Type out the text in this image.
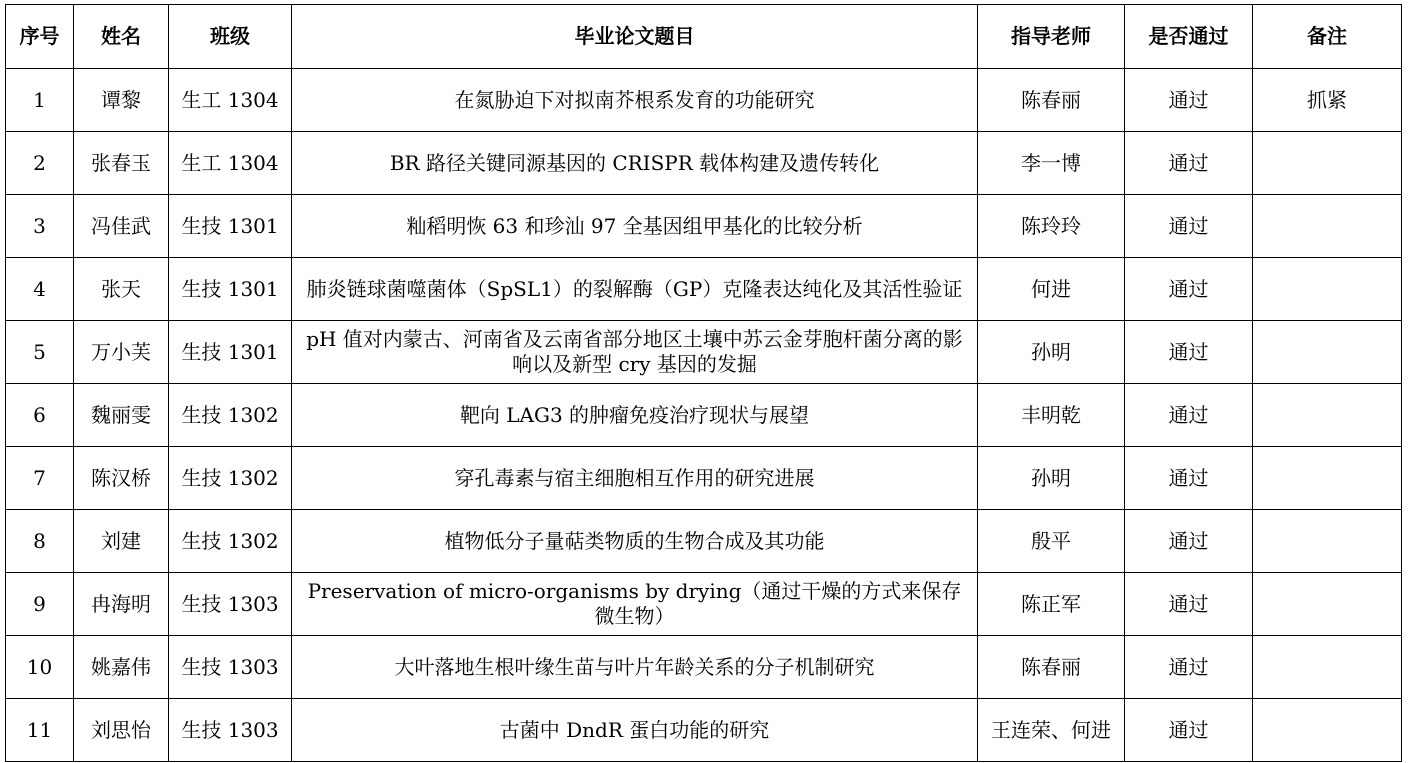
序号	姓名	班级	毕业论文题目	指导老师	是否通过	备注
1	谭黎	生工 1304	在氮胁迫下对拟南芥根系发育的功能研究	陈春丽	通过	抓紧
2	张春玉	生工 1304	BR 路径关键同源基因的 CRISPR 载体构建及遗传转化	李一博	通过	
3	冯佳武	生技 1301	籼稻明恢 63 和珍汕 97 全基因组甲基化的比较分析	陈玲玲	通过	
4	张天	生技 1301	肺炎链球菌噬菌体（SpSL1）的裂解酶（GP）克隆表达纯化及其活性验证	何进	通过	
5	万小芙	生技 1301	pH 值对内蒙古、河南省及云南省部分地区土壤中苏云金芽胞杆菌分离的影响以及新型 cry 基因的发掘	孙明	通过	
6	魏丽雯	生技 1302	靶向 LAG3 的肿瘤免疫治疗现状与展望	丰明乾	通过	
7	陈汉桥	生技 1302	穿孔毒素与宿主细胞相互作用的研究进展	孙明	通过	
8	刘建	生技 1302	植物低分子量萜类物质的生物合成及其功能	殷平	通过	
9	冉海明	生技 1303	Preservation of micro-organisms by drying（通过干燥的方式来保存微生物）	陈正军	通过	
10	姚嘉伟	生技 1303	大叶落地生根叶缘生苗与叶片年龄关系的分子机制研究	陈春丽	通过	
11	刘思怡	生技 1303	古菌中 DndR 蛋白功能的研究	王连荣、何进	通过	
